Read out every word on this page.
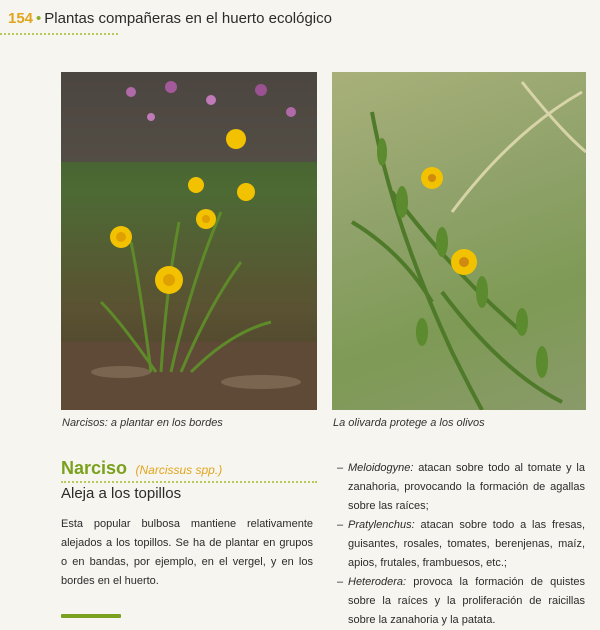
154 • Plantas compañeras en el huerto ecológico
Narcisos: a plantar en los bordes	La olivarda protege a los olivos
Narciso (Narcissus spp.)
Aleja a los topillos

Esta popular bulbosa mantiene relativamente alejados a los topillos. Se ha de plantar en grupos o en bandas, por ejemplo, en el vergel, y en los bordes en el huerto.

– Meloidogyne: atacan sobre todo al tomate y la zanahoria, provocando la formación de agallas sobre las raíces;
– Pratylenchus: atacan sobre todo a las fresas, guisantes, rosales, tomates, berenjenas, maíz, apios, frutales, frambuesos, etc.;
– Heterodera: provoca la formación de quistes sobre la raíces y la proliferación de raicillas sobre la zanahoria y la patata.
